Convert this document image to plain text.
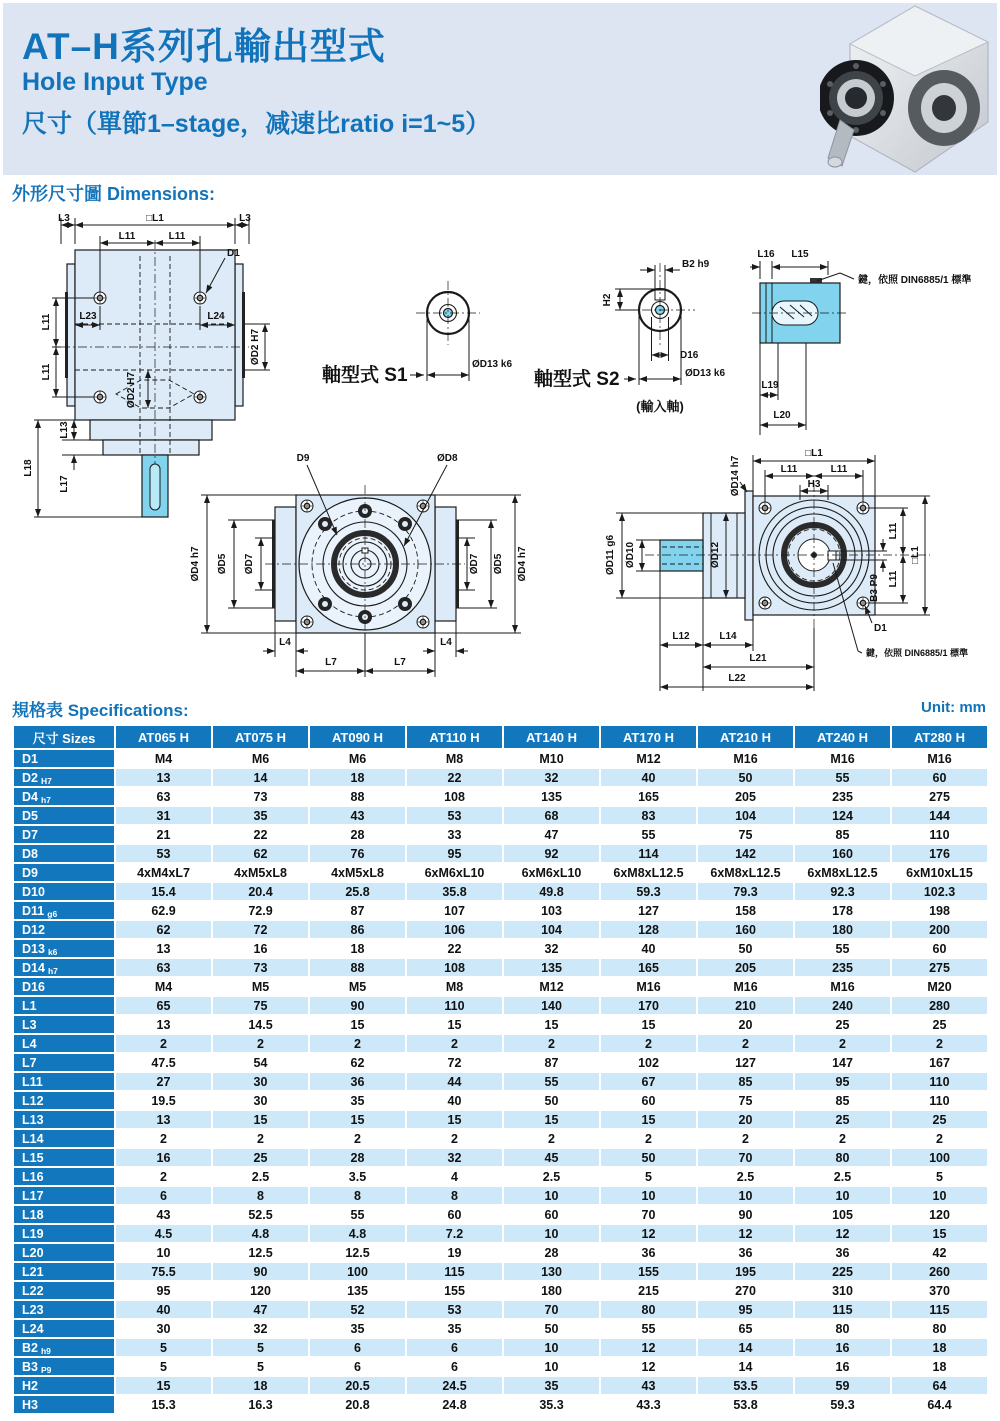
AT–H系列孔輸出型式
Hole Input Type
尺寸（單節1–stage，减速比ratio i=1~5）
外形尺寸圖 Dimensions:
L3	□L1	L3
L11	L11
D1
L23	L24
ØD2 H7
L11
L11	ØD2 H7
L18
L13
L17
ØD13 k6
軸型式 S1
B2 h9
H2
D16
ØD13 k6
軸型式 S2
(輸入軸)
L16 L15
鍵，依照 DIN6885/1 標準
L19
L20
D9	ØD8
ØD4 h7 ØD5 ØD7	ØD7 ØD5 ØD4 h7
L4	L4
L7	L7
□L1
L11	L11
H3
ØD14 h7
ØD12
ØD11 g6 ØD10
L11
L11
□L1
B3 P9
L12	L14
L21
L22
D1
鍵，依照 DIN6885/1 標準
規格表 Specifications:	Unit: mm
尺寸 Sizes	AT065 H	AT075 H	AT090 H	AT110 H	AT140 H	AT170 H	AT210 H	AT240 H	AT280 H
D1	M4	M6	M6	M8	M10	M12	M16	M16	M16
D2 H7	13	14	18	22	32	40	50	55	60
D4 h7	63	73	88	108	135	165	205	235	275
D5	31	35	43	53	68	83	104	124	144
D7	21	22	28	33	47	55	75	85	110
D8	53	62	76	95	92	114	142	160	176
D9	4xM4xL7	4xM5xL8	4xM5xL8	6xM6xL10	6xM6xL10	6xM8xL12.5	6xM8xL12.5	6xM8xL12.5	6xM10xL15
D10	15.4	20.4	25.8	35.8	49.8	59.3	79.3	92.3	102.3
D11 g6	62.9	72.9	87	107	103	127	158	178	198
D12	62	72	86	106	104	128	160	180	200
D13 k6	13	16	18	22	32	40	50	55	60
D14 h7	63	73	88	108	135	165	205	235	275
D16	M4	M5	M5	M8	M12	M16	M16	M16	M20
L1	65	75	90	110	140	170	210	240	280
L3	13	14.5	15	15	15	15	20	25	25
L4	2	2	2	2	2	2	2	2	2
L7	47.5	54	62	72	87	102	127	147	167
L11	27	30	36	44	55	67	85	95	110
L12	19.5	30	35	40	50	60	75	85	110
L13	13	15	15	15	15	15	20	25	25
L14	2	2	2	2	2	2	2	2	2
L15	16	25	28	32	45	50	70	80	100
L16	2	2.5	3.5	4	2.5	5	2.5	2.5	5
L17	6	8	8	8	10	10	10	10	10
L18	43	52.5	55	60	60	70	90	105	120
L19	4.5	4.8	4.8	7.2	10	12	12	12	15
L20	10	12.5	12.5	19	28	36	36	36	42
L21	75.5	90	100	115	130	155	195	225	260
L22	95	120	135	155	180	215	270	310	370
L23	40	47	52	53	70	80	95	115	115
L24	30	32	35	35	50	55	65	80	80
B2 h9	5	5	6	6	10	12	14	16	18
B3 P9	5	5	6	6	10	12	14	16	18
H2	15	18	20.5	24.5	35	43	53.5	59	64
H3	15.3	16.3	20.8	24.8	35.3	43.3	53.8	59.3	64.4
